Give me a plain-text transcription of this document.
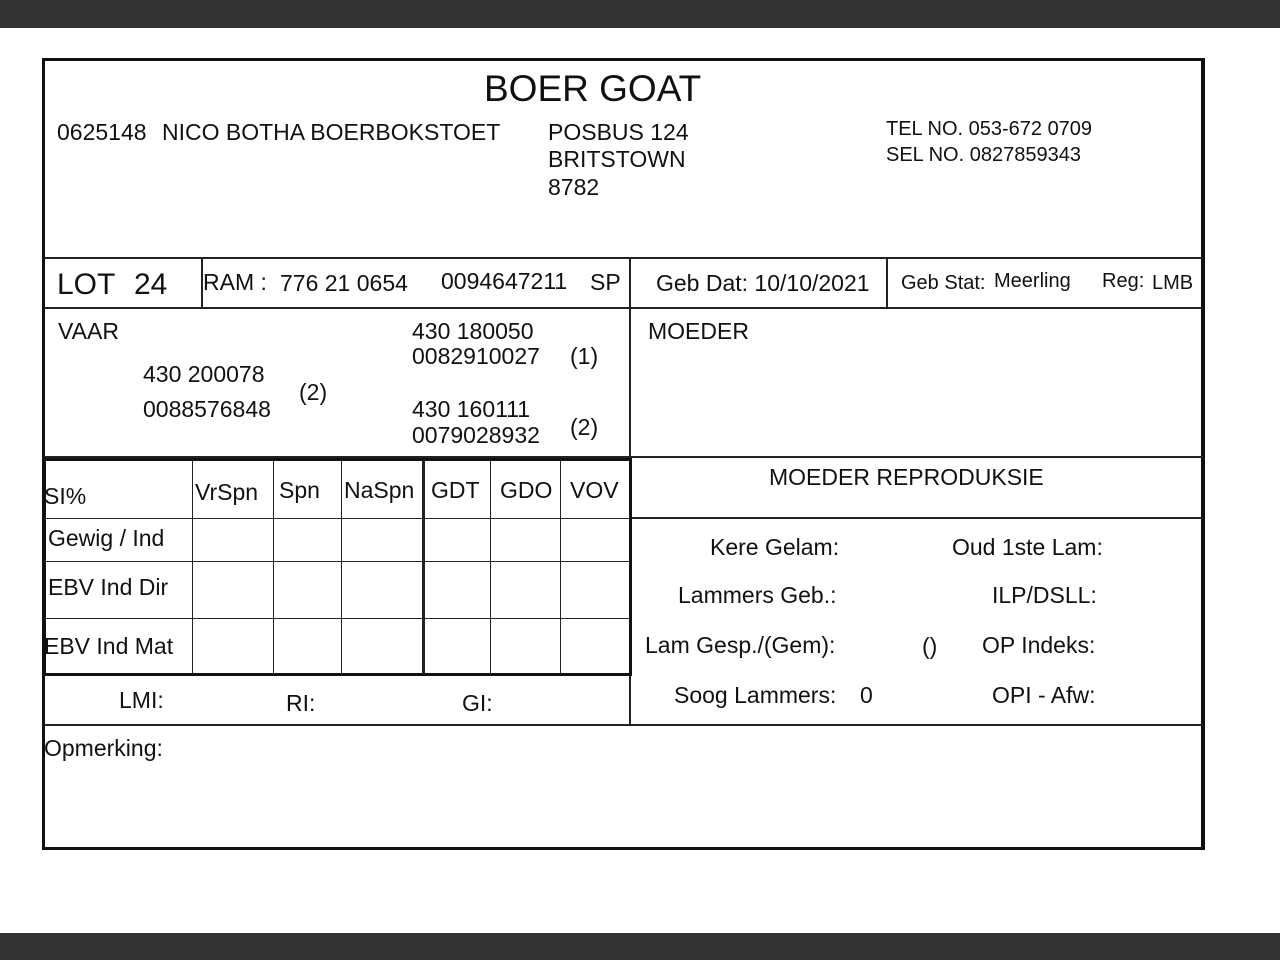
BOER GOAT
0625148 NICO BOTHA BOERBOKSTOET POSBUS 124
BRITSTOWN
8782
TEL NO. 053-672 0709
SEL NO. 0827859343
LOT 24 RAM : 776 21 0654 0094647211 SP Geb Dat: 10/10/2021 Geb Stat: Meerling Reg: LMB
VAAR
430 200078
0088576848
(2)
430 180050
0082910027 (1)
430 160111
0079028932 (2)
MOEDER
SI%	VrSpn Spn NaSpn GDT GDO VOV
Gewig / Ind
EBV Ind Dir
EBV Ind Mat
LMI:	RI:	GI:
MOEDER REPRODUKSIE
Kere Gelam:	Oud 1ste Lam:
Lammers Geb.:	ILP/DSLL:
Lam Gesp./(Gem):	() OP Indeks:
Soog Lammers: 0	OPI - Afw:
Opmerking:
